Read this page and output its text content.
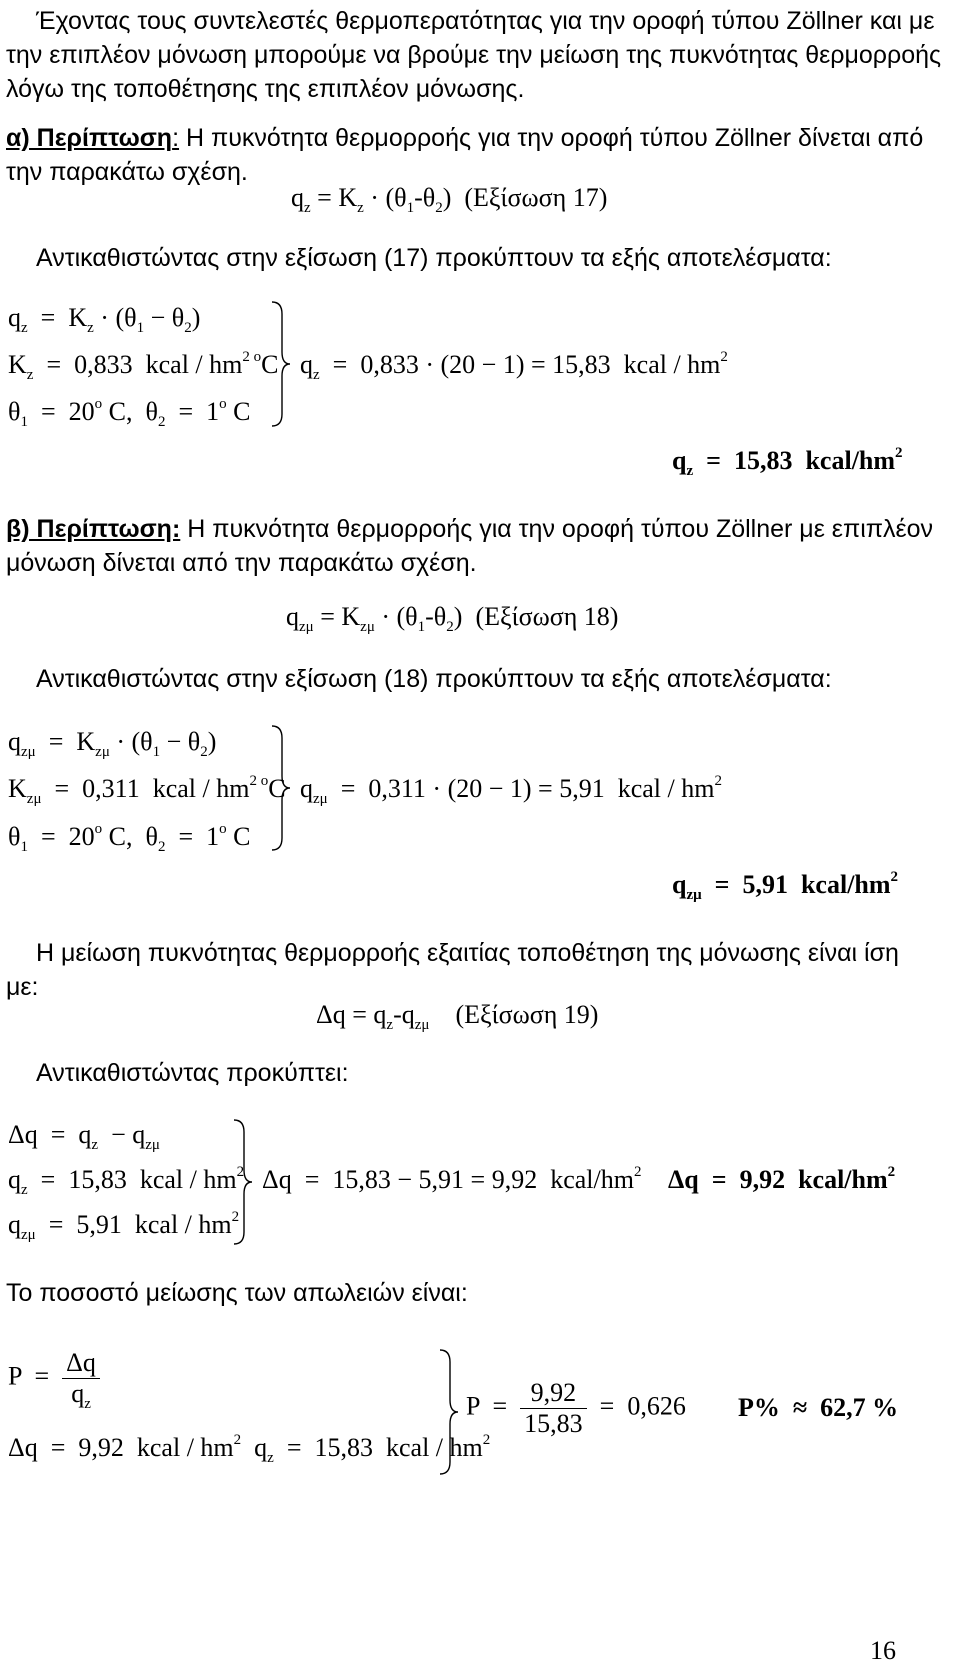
Έχοντας τους συντελεστές θερμοπερατότητας για την οροφή τύπου Zöllner και με
την επιπλέον μόνωση μπορούμε να βρούμε την μείωση της πυκνότητας θερμορροής
λόγω της τοποθέτησης της επιπλέον μόνωσης.
α) Περίπτωση: Η πυκνότητα θερμορροής για την οροφή τύπου Zöllner δίνεται από
την παρακάτω σχέση.
$q_z = K_z \cdot (\theta_1-\theta_2)$  (Εξίσωση 17)
Αντικαθιστώντας στην εξίσωση (17) προκύπτουν τα εξής αποτελέσματα:
$q_z = K_z \cdot (\theta_1 - \theta_2)$
$K_z = 0,833$ kcal / $hm^{2 o}C$
$\theta_1 = 20^o$ C,  $\theta_2 = 1^o$ C
$q_z = 0,833 \cdot (20 - 1) = 15,83$ kcal / $hm^2$
$q_z = 15,83$ kcal/$hm^2$
β) Περίπτωση: Η πυκνότητα θερμορροής για την οροφή τύπου Zöllner με επιπλέον
μόνωση δίνεται από την παρακάτω σχέση.
$q_{z\mu} = K_{z\mu} \cdot (\theta_1-\theta_2)$  (Εξίσωση 18)
Αντικαθιστώντας στην εξίσωση (18) προκύπτουν τα εξής αποτελέσματα:
$q_{z\mu} = K_{z\mu} \cdot (\theta_1 - \theta_2)$
$K_{z\mu} = 0,311$ kcal / $hm^{2 o}C$
$\theta_1 = 20^o$ C,  $\theta_2 = 1^o$ C
$q_{z\mu} = 0,311 \cdot (20 - 1) = 5,91$ kcal / $hm^2$
$q_{z\mu} = 5,91$ kcal/$hm^2$
Η μείωση πυκνότητας θερμορροής εξαιτίας τοποθέτηση της μόνωσης είναι ίση
με:
$\Delta q = q_z-q_{z\mu}$ (Εξίσωση 19)
Αντικαθιστώντας προκύπτει:
$\Delta q = q_z - q_{z\mu}$
$q_z = 15,83$ kcal / $hm^2$
$q_{z\mu} = 5,91$ kcal / $hm^2$
Δq  =  15,83 − 5,91 = 9,92 kcal/$hm^2$ Δq  =  9,92 kcal/$hm^2$
Το ποσοστό μείωσης των απωλειών είναι:
$P = \frac{\Delta q}{q_z}$
Δq  =  9,92 kcal / $hm^2$  $q_z = 15,83$ kcal / $hm^2$
$P = \frac{9,92}{15,83} = 0,626$ P%  ≈  62,7 %
16
